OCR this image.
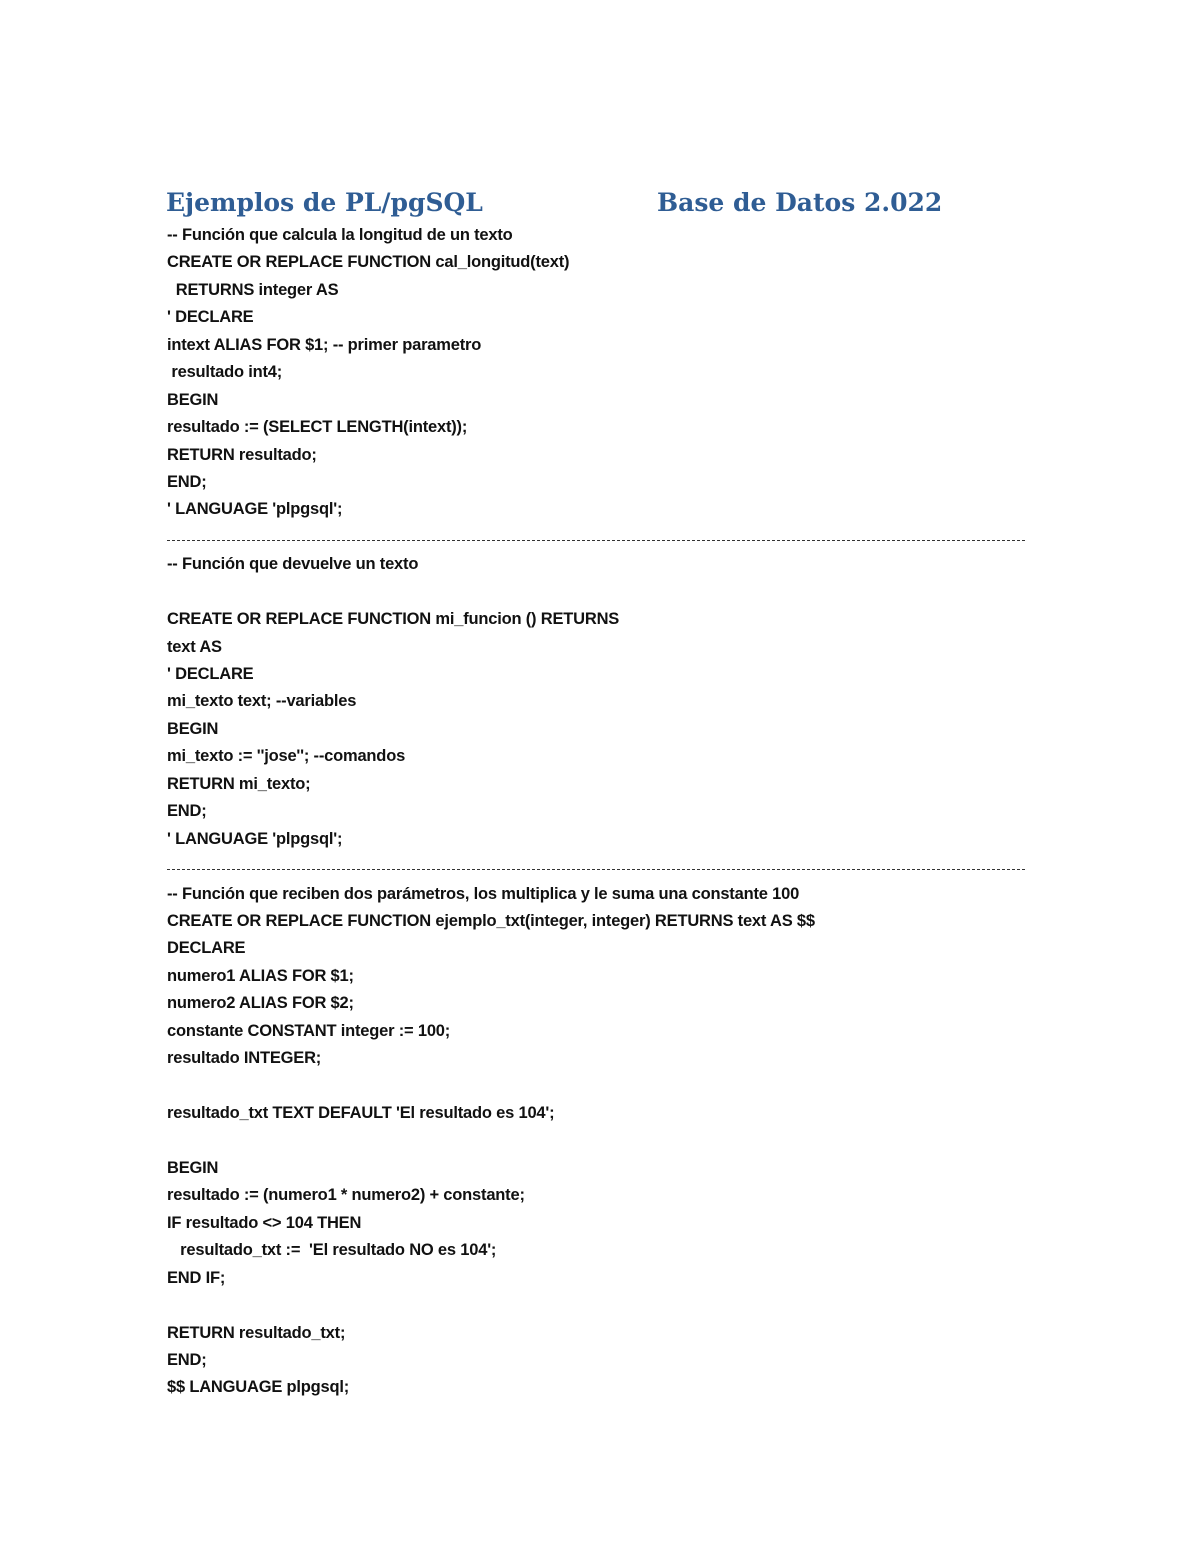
Ejemplos de PL/pgSQL	Base de Datos 2.022
-- Función que calcula la longitud de un texto
CREATE OR REPLACE FUNCTION cal_longitud(text)
RETURNS integer AS
' DECLARE
intext ALIAS FOR $1; -- primer parametro
resultado int4;
BEGIN
resultado := (SELECT LENGTH(intext));
RETURN resultado;
END;
' LANGUAGE 'plpgsql';
-- Función que devuelve un texto
CREATE OR REPLACE FUNCTION mi_funcion () RETURNS
text AS
' DECLARE
mi_texto text; --variables
BEGIN
mi_texto := ''jose''; --comandos
RETURN mi_texto;
END;
' LANGUAGE 'plpgsql';
-- Función que reciben dos parámetros, los multiplica y le suma una constante 100
CREATE OR REPLACE FUNCTION ejemplo_txt(integer, integer) RETURNS text AS $$
DECLARE
numero1 ALIAS FOR $1;
numero2 ALIAS FOR $2;
constante CONSTANT integer := 100;
resultado INTEGER;
resultado_txt TEXT DEFAULT 'El resultado es 104';
BEGIN
resultado := (numero1 * numero2) + constante;
IF resultado <> 104 THEN
resultado_txt :=  'El resultado NO es 104';
END IF;
RETURN resultado_txt;
END;
$$ LANGUAGE plpgsql;
